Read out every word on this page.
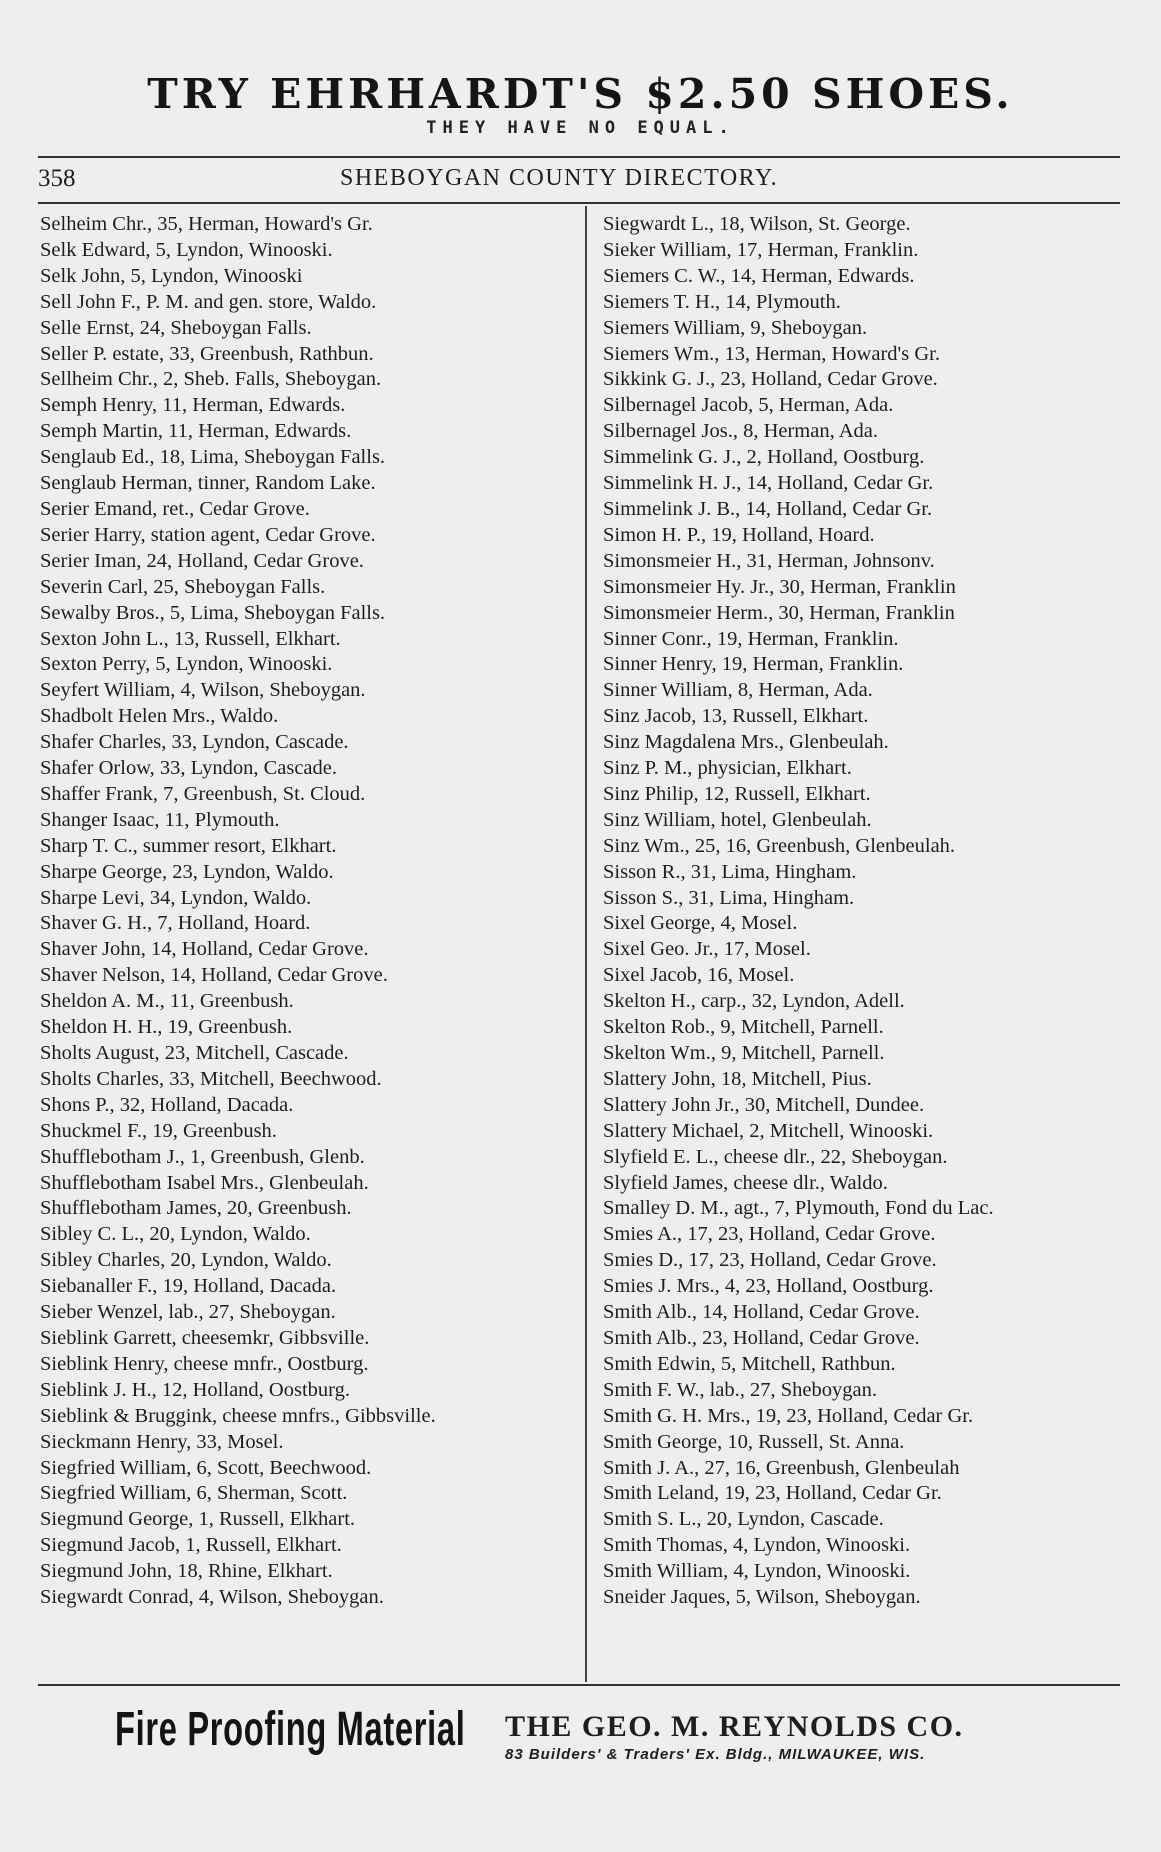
TRY EHRHARDT'S $2.50 SHOES.
THEY HAVE NO EQUAL.
358	SHEBOYGAN COUNTY DIRECTORY.
Selheim Chr., 35, Herman, Howard's Gr.
Selk Edward, 5, Lyndon, Winooski.
Selk John, 5, Lyndon, Winooski
Sell John F., P. M. and gen. store, Waldo.
Selle Ernst, 24, Sheboygan Falls.
Seller P. estate, 33, Greenbush, Rathbun.
Sellheim Chr., 2, Sheb. Falls, Sheboygan.
Semph Henry, 11, Herman, Edwards.
Semph Martin, 11, Herman, Edwards.
Senglaub Ed., 18, Lima, Sheboygan Falls.
Senglaub Herman, tinner, Random Lake.
Serier Emand, ret., Cedar Grove.
Serier Harry, station agent, Cedar Grove.
Serier Iman, 24, Holland, Cedar Grove.
Severin Carl, 25, Sheboygan Falls.
Sewalby Bros., 5, Lima, Sheboygan Falls.
Sexton John L., 13, Russell, Elkhart.
Sexton Perry, 5, Lyndon, Winooski.
Seyfert William, 4, Wilson, Sheboygan.
Shadbolt Helen Mrs., Waldo.
Shafer Charles, 33, Lyndon, Cascade.
Shafer Orlow, 33, Lyndon, Cascade.
Shaffer Frank, 7, Greenbush, St. Cloud.
Shanger Isaac, 11, Plymouth.
Sharp T. C., summer resort, Elkhart.
Sharpe George, 23, Lyndon, Waldo.
Sharpe Levi, 34, Lyndon, Waldo.
Shaver G. H., 7, Holland, Hoard.
Shaver John, 14, Holland, Cedar Grove.
Shaver Nelson, 14, Holland, Cedar Grove.
Sheldon A. M., 11, Greenbush.
Sheldon H. H., 19, Greenbush.
Sholts August, 23, Mitchell, Cascade.
Sholts Charles, 33, Mitchell, Beechwood.
Shons P., 32, Holland, Dacada.
Shuckmel F., 19, Greenbush.
Shufflebotham J., 1, Greenbush, Glenb.
Shufflebotham Isabel Mrs., Glenbeulah.
Shufflebotham James, 20, Greenbush.
Sibley C. L., 20, Lyndon, Waldo.
Sibley Charles, 20, Lyndon, Waldo.
Siebanaller F., 19, Holland, Dacada.
Sieber Wenzel, lab., 27, Sheboygan.
Sieblink Garrett, cheesemkr, Gibbsville.
Sieblink Henry, cheese mnfr., Oostburg.
Sieblink J. H., 12, Holland, Oostburg.
Sieblink & Bruggink, cheese mnfrs., Gibbsville.
Sieckmann Henry, 33, Mosel.
Siegfried William, 6, Scott, Beechwood.
Siegfried William, 6, Sherman, Scott.
Siegmund George, 1, Russell, Elkhart.
Siegmund Jacob, 1, Russell, Elkhart.
Siegmund John, 18, Rhine, Elkhart.
Siegwardt Conrad, 4, Wilson, Sheboygan.
Siegwardt L., 18, Wilson, St. George.
Sieker William, 17, Herman, Franklin.
Siemers C. W., 14, Herman, Edwards.
Siemers T. H., 14, Plymouth.
Siemers William, 9, Sheboygan.
Siemers Wm., 13, Herman, Howard's Gr.
Sikkink G. J., 23, Holland, Cedar Grove.
Silbernagel Jacob, 5, Herman, Ada.
Silbernagel Jos., 8, Herman, Ada.
Simmelink G. J., 2, Holland, Oostburg.
Simmelink H. J., 14, Holland, Cedar Gr.
Simmelink J. B., 14, Holland, Cedar Gr.
Simon H. P., 19, Holland, Hoard.
Simonsmeier H., 31, Herman, Johnsonv.
Simonsmeier Hy. Jr., 30, Herman, Franklin
Simonsmeier Herm., 30, Herman, Franklin
Sinner Conr., 19, Herman, Franklin.
Sinner Henry, 19, Herman, Franklin.
Sinner William, 8, Herman, Ada.
Sinz Jacob, 13, Russell, Elkhart.
Sinz Magdalena Mrs., Glenbeulah.
Sinz P. M., physician, Elkhart.
Sinz Philip, 12, Russell, Elkhart.
Sinz William, hotel, Glenbeulah.
Sinz Wm., 25, 16, Greenbush, Glenbeulah.
Sisson R., 31, Lima, Hingham.
Sisson S., 31, Lima, Hingham.
Sixel George, 4, Mosel.
Sixel Geo. Jr., 17, Mosel.
Sixel Jacob, 16, Mosel.
Skelton H., carp., 32, Lyndon, Adell.
Skelton Rob., 9, Mitchell, Parnell.
Skelton Wm., 9, Mitchell, Parnell.
Slattery John, 18, Mitchell, Pius.
Slattery John Jr., 30, Mitchell, Dundee.
Slattery Michael, 2, Mitchell, Winooski.
Slyfield E. L., cheese dlr., 22, Sheboygan.
Slyfield James, cheese dlr., Waldo.
Smalley D. M., agt., 7, Plymouth, Fond du Lac.
Smies A., 17, 23, Holland, Cedar Grove.
Smies D., 17, 23, Holland, Cedar Grove.
Smies J. Mrs., 4, 23, Holland, Oostburg.
Smith Alb., 14, Holland, Cedar Grove.
Smith Alb., 23, Holland, Cedar Grove.
Smith Edwin, 5, Mitchell, Rathbun.
Smith F. W., lab., 27, Sheboygan.
Smith G. H. Mrs., 19, 23, Holland, Cedar Gr.
Smith George, 10, Russell, St. Anna.
Smith J. A., 27, 16, Greenbush, Glenbeulah
Smith Leland, 19, 23, Holland, Cedar Gr.
Smith S. L., 20, Lyndon, Cascade.
Smith Thomas, 4, Lyndon, Winooski.
Smith William, 4, Lyndon, Winooski.
Sneider Jaques, 5, Wilson, Sheboygan.
Fire Proofing Material THE GEO. M. REYNOLDS CO.
83 Builders' & Traders' Ex. Bldg., MILWAUKEE, WIS.
